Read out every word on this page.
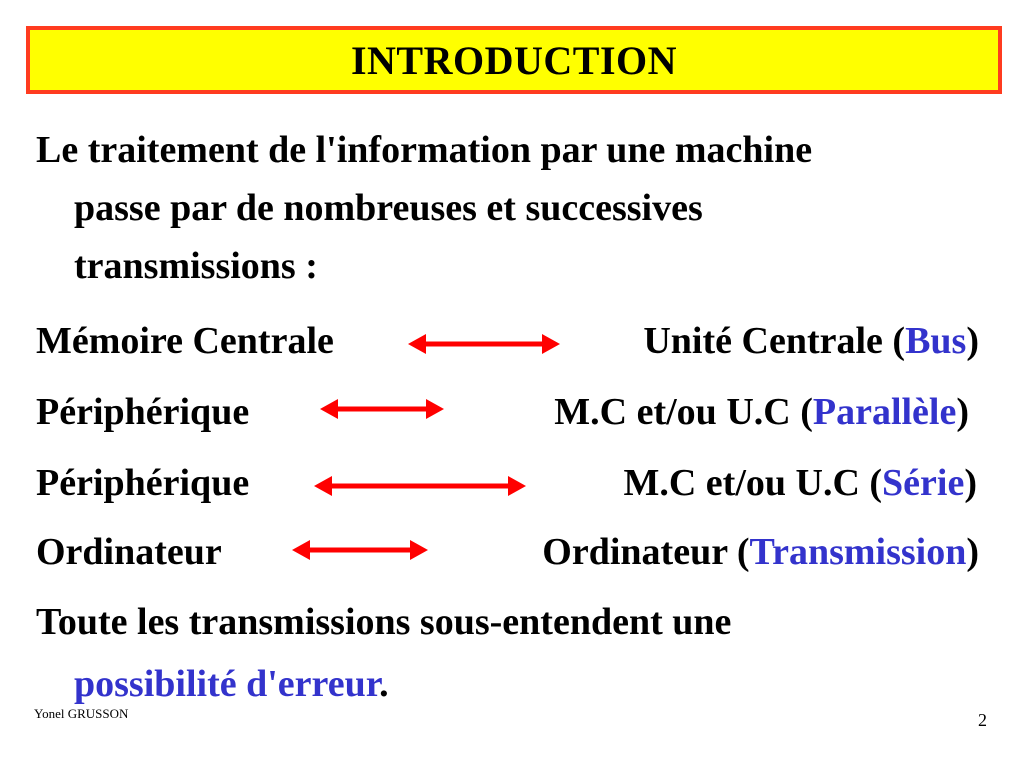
INTRODUCTION
Le traitement de l'information par une machine
passe par de nombreuses et successives
transmissions :
Mémoire Centrale	Unité Centrale (Bus)
Périphérique	M.C et/ou U.C (Parallèle)
Périphérique	M.C et/ou U.C (Série)
Ordinateur	Ordinateur (Transmission)
Toute les transmissions sous-entendent une
possibilité d'erreur.
Yonel GRUSSON	2
